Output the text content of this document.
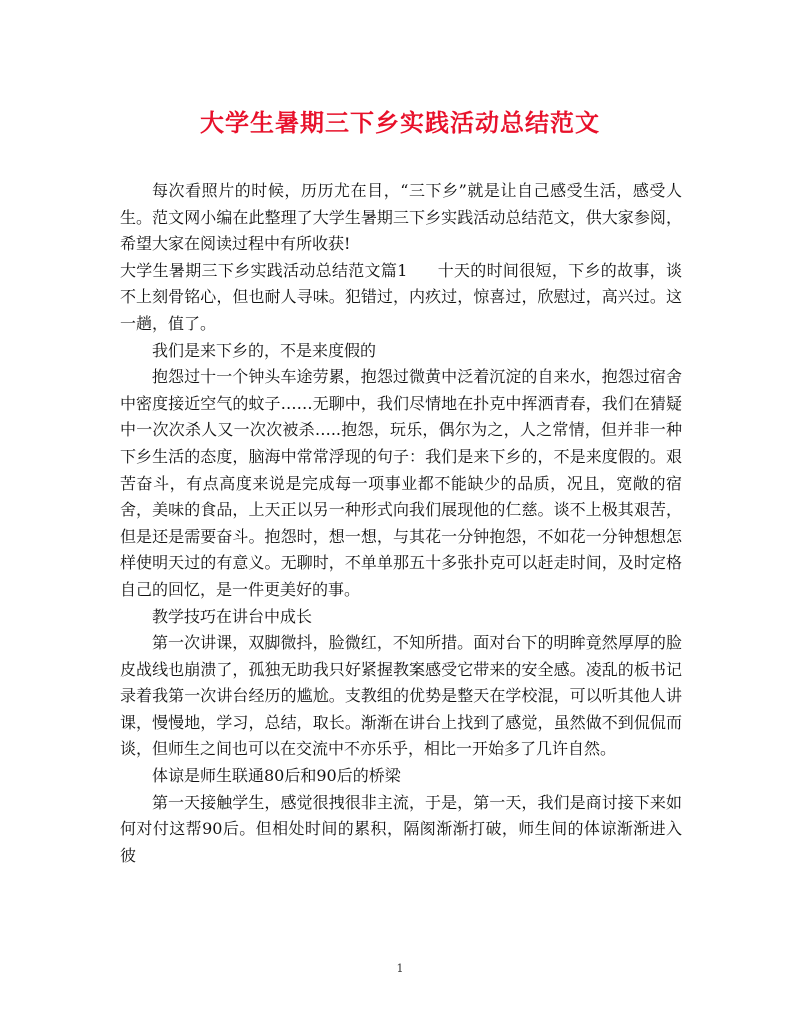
大学生暑期三下乡实践活动总结范文

每次看照片的时候，历历尤在目，“三下乡”就是让自己感受生活，感受人生。范文网小编在此整理了大学生暑期三下乡实践活动总结范文，供大家参阅，希望大家在阅读过程中有所收获!

大学生暑期三下乡实践活动总结范文篇1 十天的时间很短，下乡的故事，谈不上刻骨铭心，但也耐人寻味。犯错过，内疚过，惊喜过，欣慰过，高兴过。这一趟，值了。

我们是来下乡的，不是来度假的

抱怨过十一个钟头车途劳累，抱怨过微黄中泛着沉淀的自来水，抱怨过宿舍中密度接近空气的蚊子……无聊中，我们尽情地在扑克中挥洒青春，我们在猜疑中一次次杀人又一次次被杀…..抱怨，玩乐，偶尔为之，人之常情，但并非一种下乡生活的态度，脑海中常常浮现的句子：我们是来下乡的，不是来度假的。艰苦奋斗，有点高度来说是完成每一项事业都不能缺少的品质，况且，宽敞的宿舍，美味的食品，上天正以另一种形式向我们展现他的仁慈。谈不上极其艰苦，但是还是需要奋斗。抱怨时，想一想，与其花一分钟抱怨，不如花一分钟想想怎样使明天过的有意义。无聊时，不单单那五十多张扑克可以赶走时间，及时定格自己的回忆，是一件更美好的事。

教学技巧在讲台中成长

第一次讲课，双脚微抖，脸微红，不知所措。面对台下的明眸竟然厚厚的脸皮战线也崩溃了，孤独无助我只好紧握教案感受它带来的安全感。凌乱的板书记录着我第一次讲台经历的尴尬。支教组的优势是整天在学校混，可以听其他人讲课，慢慢地，学习，总结，取长。渐渐在讲台上找到了感觉，虽然做不到侃侃而谈，但师生之间也可以在交流中不亦乐乎，相比一开始多了几许自然。

体谅是师生联通80后和90后的桥梁

第一天接触学生，感觉很拽很非主流，于是，第一天，我们是商讨接下来如何对付这帮90后。但相处时间的累积，隔阂渐渐打破，师生间的体谅渐渐进入彼

1
